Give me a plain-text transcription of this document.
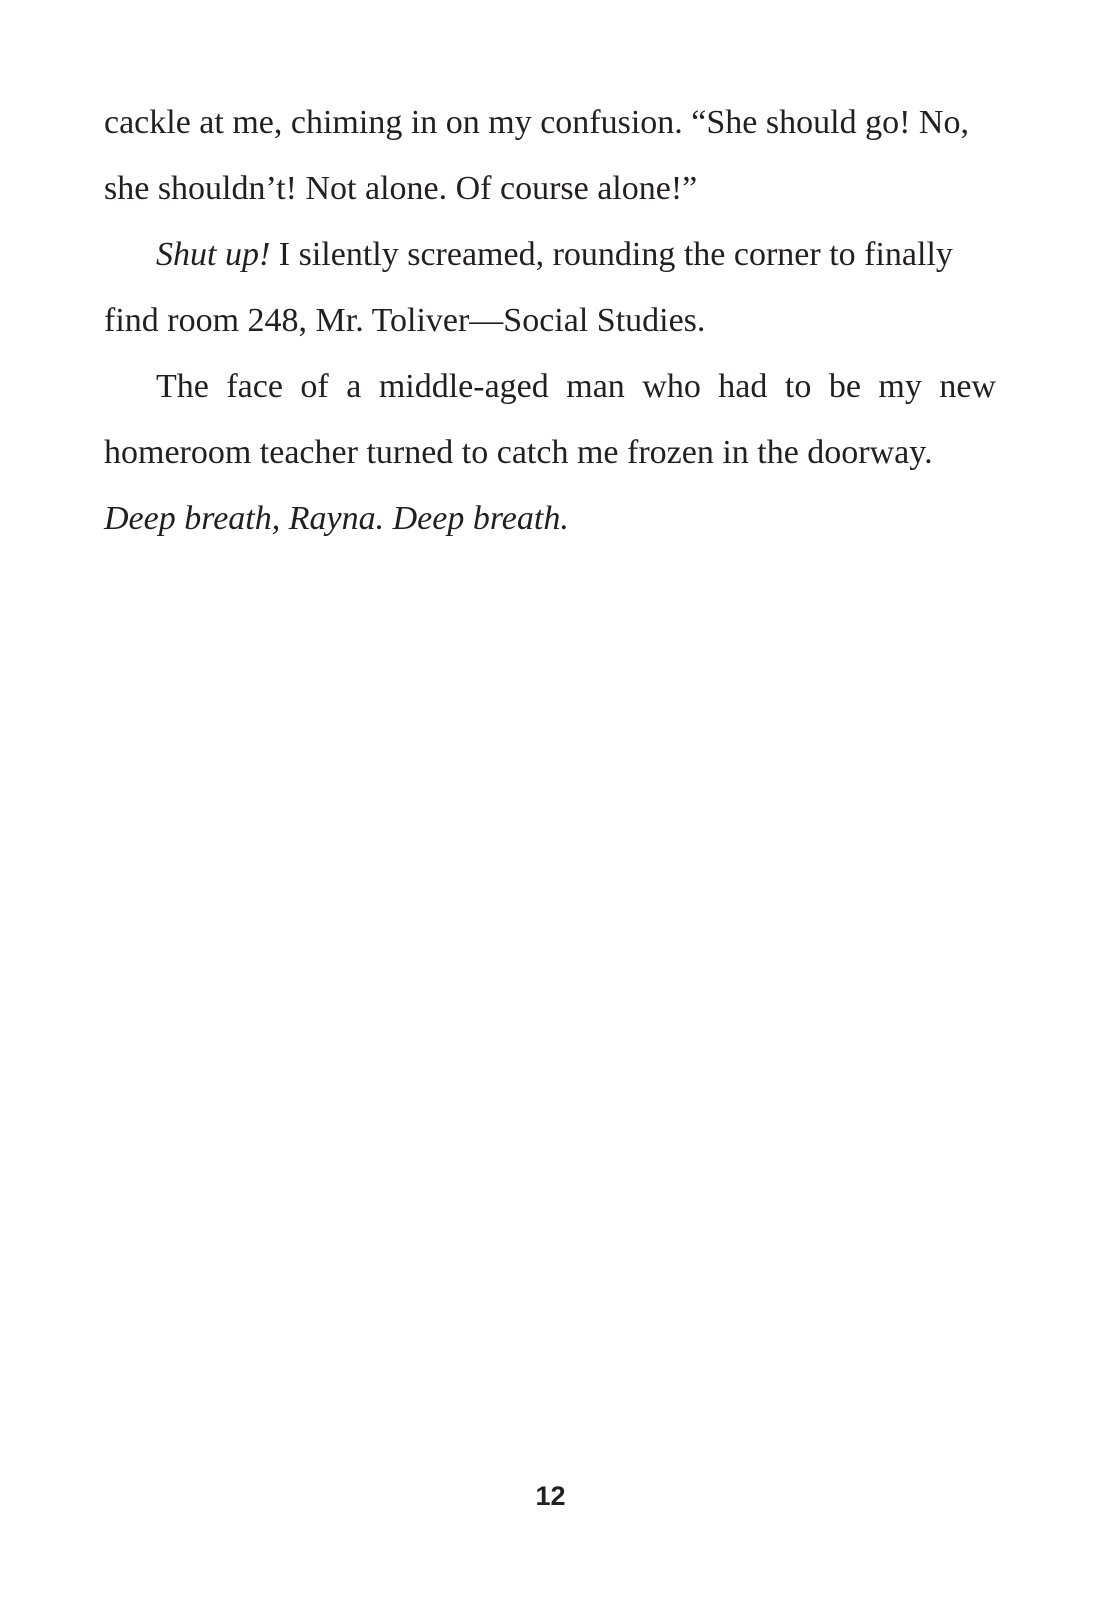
cackle at me, chiming in on my confusion. “She should go! No,
she shouldn’t! Not alone. Of course alone!”

Shut up! I silently screamed, rounding the corner to finally
find room 248, Mr. Toliver—Social Studies.

The face of a middle-aged man who had to be my new homeroom teacher turned to catch me frozen in the doorway.
Deep breath, Rayna. Deep breath.

12
